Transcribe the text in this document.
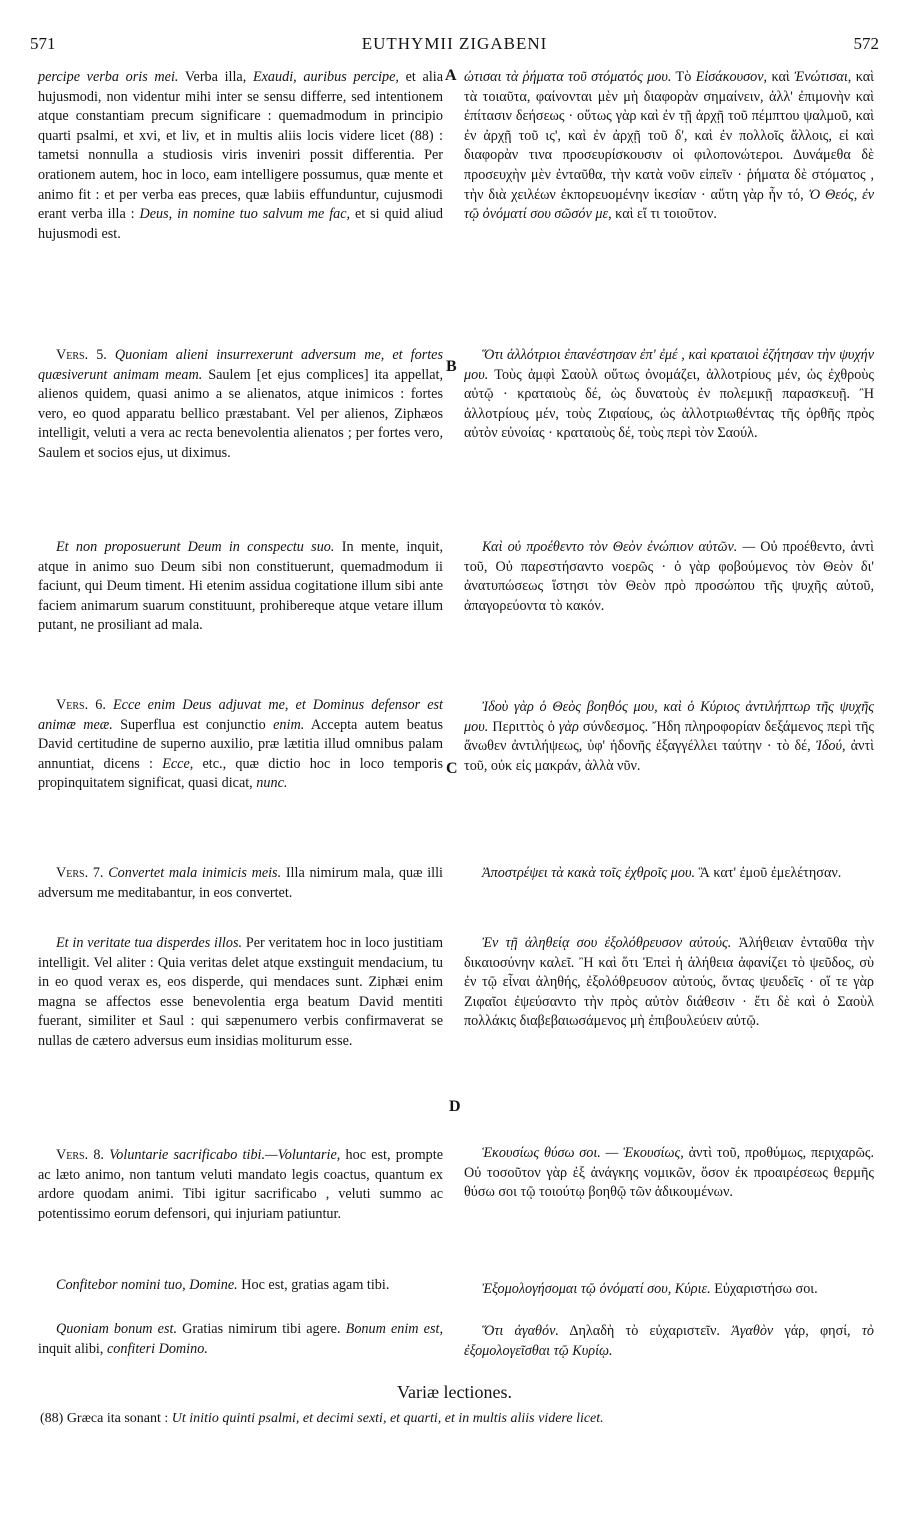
571	EUTHYMII ZIGABENI	572
A
B
C
D

percipe verba oris mei. Verba illa, Exaudi, auribus percipe, et alia hujusmodi, non videntur mihi inter se sensu differre, sed intentionem atque constantiam precum significare : quemadmodum in principio quarti psalmi, et xvi, et liv, et in multis aliis locis videre licet (88) : tametsi nonnulla a studiosis viris inveniri possit differentia. Per orationem autem, hoc in loco, eam intelligere possumus, quæ mente et animo fit : et per verba eas preces, quæ labiis effunduntur, cujusmodi erant verba illa : Deus, in nomine tuo salvum me fac, et si quid aliud hujusmodi est.

Vers. 5. Quoniam alieni insurrexerunt adversum me, et fortes quæsiverunt animam meam. Saulem [et ejus complices] ita appellat, alienos quidem, quasi animo a se alienatos, atque inimicos : fortes vero, eo quod apparatu bellico præstabant. Vel per alienos, Ziphæos intelligit, veluti a vera ac recta benevolentia alienatos ; per fortes vero, Saulem et socios ejus, ut diximus.

Et non proposuerunt Deum in conspectu suo. In mente, inquit, atque in animo suo Deum sibi non constituerunt, quemadmodum ii faciunt, qui Deum timent. Hi etenim assidua cogitatione illum sibi ante faciem animarum suarum constituunt, prohibereque atque vetare illum putant, ne prosiliant ad mala.

Vers. 6. Ecce enim Deus adjuvat me, et Dominus defensor est animæ meæ. Superflua est conjunctio enim. Accepta autem beatus David certitudine de superno auxilio, præ lætitia illud omnibus palam annuntiat, dicens : Ecce, etc., quæ dictio hoc in loco temporis propinquitatem significat, quasi dicat, nunc.

Vers. 7. Convertet mala inimicis meis. Illa nimirum mala, quæ illi adversum me meditabantur, in eos convertet.

Et in veritate tua disperdes illos. Per veritatem hoc in loco justitiam intelligit. Vel aliter : Quia veritas delet atque exstinguit mendacium, tu in eo quod verax es, eos disperde, qui mendaces sunt. Ziphæi enim magna se affectos esse benevolentia erga beatum David mentiti fuerant, similiter et Saul : qui sæpenumero verbis confirmaverat se nullas de cætero adversus eum insidias moliturum esse.

Vers. 8. Voluntarie sacrificabo tibi.—Voluntarie, hoc est, prompte ac læto animo, non tantum veluti mandato legis coactus, quantum ex ardore quodam animi. Tibi igitur sacrificabo , veluti summo ac potentissimo eorum defensori, qui injuriam patiuntur.

Confitebor nomini tuo, Domine. Hoc est, gratias agam tibi.

Quoniam bonum est. Gratias nimirum tibi agere. Bonum enim est, inquit alibi, confiteri Domino.

ὠτισαι τὰ ῥήματα τοῦ στόματός μου. Τὸ Εἰσάκουσον, καὶ Ἐνώτισαι, καὶ τὰ τοιαῦτα, φαίνονται μὲν μὴ διαφορὰν σημαίνειν, ἀλλ' ἐπιμονὴν καὶ ἐπίτασιν δεήσεως · οὕτως γὰρ καὶ ἐν τῇ ἀρχῇ τοῦ πέμπτου ψαλμοῦ, καὶ ἐν ἀρχῇ τοῦ ις', καὶ ἐν ἀρχῇ τοῦ δ', καὶ ἐν πολλοῖς ἄλλοις, εἰ καὶ διαφορὰν τινα προσευρίσκουσιν οἱ φιλοπονώτεροι. Δυνάμεθα δὲ προσευχὴν μὲν ἐνταῦθα, τὴν κατὰ νοῦν εἰπεῖν · ῥήματα δὲ στόματος , τὴν διὰ χειλέων ἐκπορευομένην ἱκεσίαν · αὕτη γὰρ ἦν τό, Ὁ Θεός, ἐν τῷ ὀνόματί σου σῶσόν με, καὶ εἴ τι τοιοῦτον.

Ὅτι ἀλλότριοι ἐπανέστησαν ἐπ' ἐμέ , καὶ κραταιοὶ ἐζήτησαν τὴν ψυχήν μου. Τοὺς ἀμφὶ Σαοὺλ οὕτως ὀνομάζει, ἀλλοτρίους μέν, ὡς ἐχθροὺς αὐτῷ · κραταιοὺς δέ, ὡς δυνατοὺς ἐν πολεμικῇ παρασκευῇ. Ἢ ἀλλοτρίους μέν, τοὺς Ζιφαίους, ὡς ἀλλοτριωθέντας τῆς ὀρθῆς πρὸς αὐτὸν εὐνοίας · κραταιοὺς δέ, τοὺς περὶ τὸν Σαούλ.

Καὶ οὐ προέθεντο τὸν Θεὸν ἐνώπιον αὐτῶν. — Οὐ προέθεντο, ἀντὶ τοῦ, Οὐ παρεστήσαντο νοερῶς · ὁ γὰρ φοβούμενος τὸν Θεὸν δι' ἀνατυπώσεως ἵστησι τὸν Θεὸν πρὸ προσώπου τῆς ψυχῆς αὐτοῦ, ἀπαγορεύοντα τὸ κακόν.

Ἰδοὺ γὰρ ὁ Θεὸς βοηθός μου, καὶ ὁ Κύριος ἀντιλήπτωρ τῆς ψυχῆς μου. Περιττὸς ὁ γὰρ σύνδεσμος. Ἤδη πληροφορίαν δεξάμενος περὶ τῆς ἄνωθεν ἀντιλήψεως, ὑφ' ἡδονῆς ἐξαγγέλλει ταύτην · τὸ δέ, Ἰδού, ἀντὶ τοῦ, οὐκ εἰς μακράν, ἀλλὰ νῦν.

Ἀποστρέψει τὰ κακὰ τοῖς ἐχθροῖς μου. Ἃ κατ' ἐμοῦ ἐμελέτησαν.

Ἐν τῇ ἀληθείᾳ σου ἐξολόθρευσον αὐτούς. Ἀλήθειαν ἐνταῦθα τὴν δικαιοσύνην καλεῖ. Ἢ καὶ ὅτι Ἐπεὶ ἡ ἀλήθεια ἀφανίζει τὸ ψεῦδος, σὺ ἐν τῷ εἶναι ἀληθής, ἐξολόθρευσον αὐτούς, ὄντας ψευδεῖς · οἵ τε γὰρ Ζιφαῖοι ἐψεύσαντο τὴν πρὸς αὐτὸν διάθεσιν · ἔτι δὲ καὶ ὁ Σαοὺλ πολλάκις διαβεβαιωσάμενος μὴ ἐπιβουλεύειν αὐτῷ.

Ἑκουσίως θύσω σοι. — Ἑκουσίως, ἀντὶ τοῦ, προθύμως, περιχαρῶς. Οὐ τοσοῦτον γὰρ ἐξ ἀνάγκης νομικῶν, ὅσον ἐκ προαιρέσεως θερμῆς θύσω σοι τῷ τοιούτῳ βοηθῷ τῶν ἀδικουμένων.

Ἐξομολογήσομαι τῷ ὀνόματί σου, Κύριε. Εὐχαριστήσω σοι.

Ὅτι ἀγαθόν. Δηλαδὴ τὸ εὐχαριστεῖν. Ἀγαθὸν γάρ, φησί, τὸ ἐξομολογεῖσθαι τῷ Κυρίῳ.

Variæ lectiones.
(88) Græca ita sonant : Ut initio quinti psalmi, et decimi sexti, et quarti, et in multis aliis videre licet.
